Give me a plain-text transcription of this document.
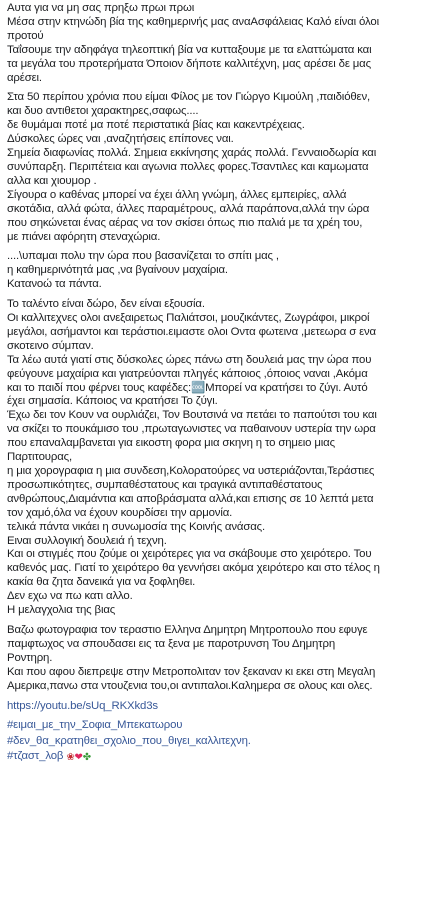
Αυτα για να μη σας πρηξω πρωι πρωι
Μέσα στην κτηνώδη βία της καθημερινής μας αναΑσφάλειας Καλό είναι όλοι
προτού
Ταΐσουμε την αδηφάγα τηλεοπτική βία να κυτταξουμε με τα ελαττώματα και
τα μεγάλα του προτερήματα Όποιον δήποτε καλλιτέχνη, μας αρέσει δε μας
αρέσει.
Στα 50 περίπου χρόνια που είμαι Φίλος με τον Γιώργο Κιμούλη ,παιδιόθεν,
και δυο αντιθετοι χαρακτηρες,σαφως....
δε θυμάμαι ποτέ μα ποτέ περιστατικά βίας και κακεντρέχειας.
Δύσκολες ώρες ναι ,αναζητήσεις επίπονες ναι.
Σημεία διαφωνίας πολλά. Σημεια εκκίνησης χαράς πολλά. Γενναιοδωρία και
συνύπαρξη. Περιπέτεια και αγωνια πολλες φορες.Τσαντιλες και καμωματα
αλλα και χιουμορ .
Σίγουρα ο καθένας μπορεί να έχει άλλη γνώμη, άλλες εμπειρίες, αλλά
σκοτάδια, αλλά φώτα, άλλες παραμέτρους, αλλά παράπονα,αλλά την ώρα
που σηκώνεται ένας αέρας να τον σκίσει όπως πιο παλιά με τα χρέη του,
με πιάνει αφόρητη στεναχώρια.
....\υπαμαι πολυ την ώρα που βασανίζεται το σπίτι μας ,
η καθημερινότητά μας ,να βγαίνουν μαχαίρια.
Κατανοώ τα πάντα.
Το ταλέντο είναι δώρο, δεν είναι εξουσία.
Οι καλλιτεχνες ολοι ανεξαιρετως Παλιάτσοι, μουζικάντες, Ζωγράφοι, μικροί
μεγάλοι, ασήμαντοι και τεράστιοι.ειμαστε ολοι Οντα φωτεινα ,μετεωρα σ ενα
σκοτεινο σύμπαν.
Τα λέω αυτά γιατί στις δύσκολες ώρες πάνω στη δουλειά μας την ώρα που
φεύγουνε μαχαίρια και γιατρεύονται πληγές κάποιος ,όποιος ναναι ,Ακόμα
και το παιδί που φέρνει τους καφέδες:🆒Μπορεί να κρατήσει το ζύγι. Αυτό
έχει σημασία. Κάποιος να κρατήσει Το ζύγι.
Έχω δει τον Κουν να ουρλιάζει, Τον Βουτσινά να πετάει το παπούτσι του και
να σκίζει το πουκάμισο του ,πρωταγωνιστες να παθαινουν υστερία την ωρα
που επαναλαμβανεται για εικοστη φορα μια σκηνη η το σημειο μιας
Παρτιτουρας,
η μια χορογραφια η μια συνδεση,Κολορατούρες να υστεριάζονται,Τεράστιες
προσωπικότητες, συμπαθέστατους και τραγικά αντιπαθέστατους
ανθρώπους,Διαμάντια και αποβράσματα αλλά,και επισης σε 10 λεπτά μετα
τον χαμό,όλα να έχουν κουρδίσει την αρμονία.
τελικά πάντα νικάει η συνωμοσία της Κοινής ανάσας.
Ειναι συλλογική δουλειά ή τεχνη.
Και οι στιγμές που ζούμε οι χειρότερες για να σκάβουμε στο χειρότερο. Του
καθενός μας. Γιατί το χειρότερο θα γεννήσει ακόμα χειρότερο και στο τέλος η
κακία θα ζητα δανεικά για να ξοφληθει.
Δεν εχω να πω κατι αλλο.
Η μελαγχολια της βιας
Βαζω φωτογραφια τον τεραστιο Ελληνα Δημητρη Μητροπουλο που εφυγε
παμφτωχος να σπουδασει εις τα ξενα με παροτρυνση Του Δημητρη
Ροντηρη.
Και που αφου διεπρεψε στην Μετροπολιταν τον ξεκαναν κι εκει στη Μεγαλη
Αμερικα,πανω στα ντουζενια του,οι αντιπαλοι.Καλημερα σε ολους και ολες.
https://youtu.be/sUq_RKXkd3s
#ειμαι_με_την_Σοφια_Μπεκατωρου
#δεν_θα_κρατηθει_σχολιο_που_θιγει_καλλιτεχνη.
#τζαστ_λοβ ❀❤✤
